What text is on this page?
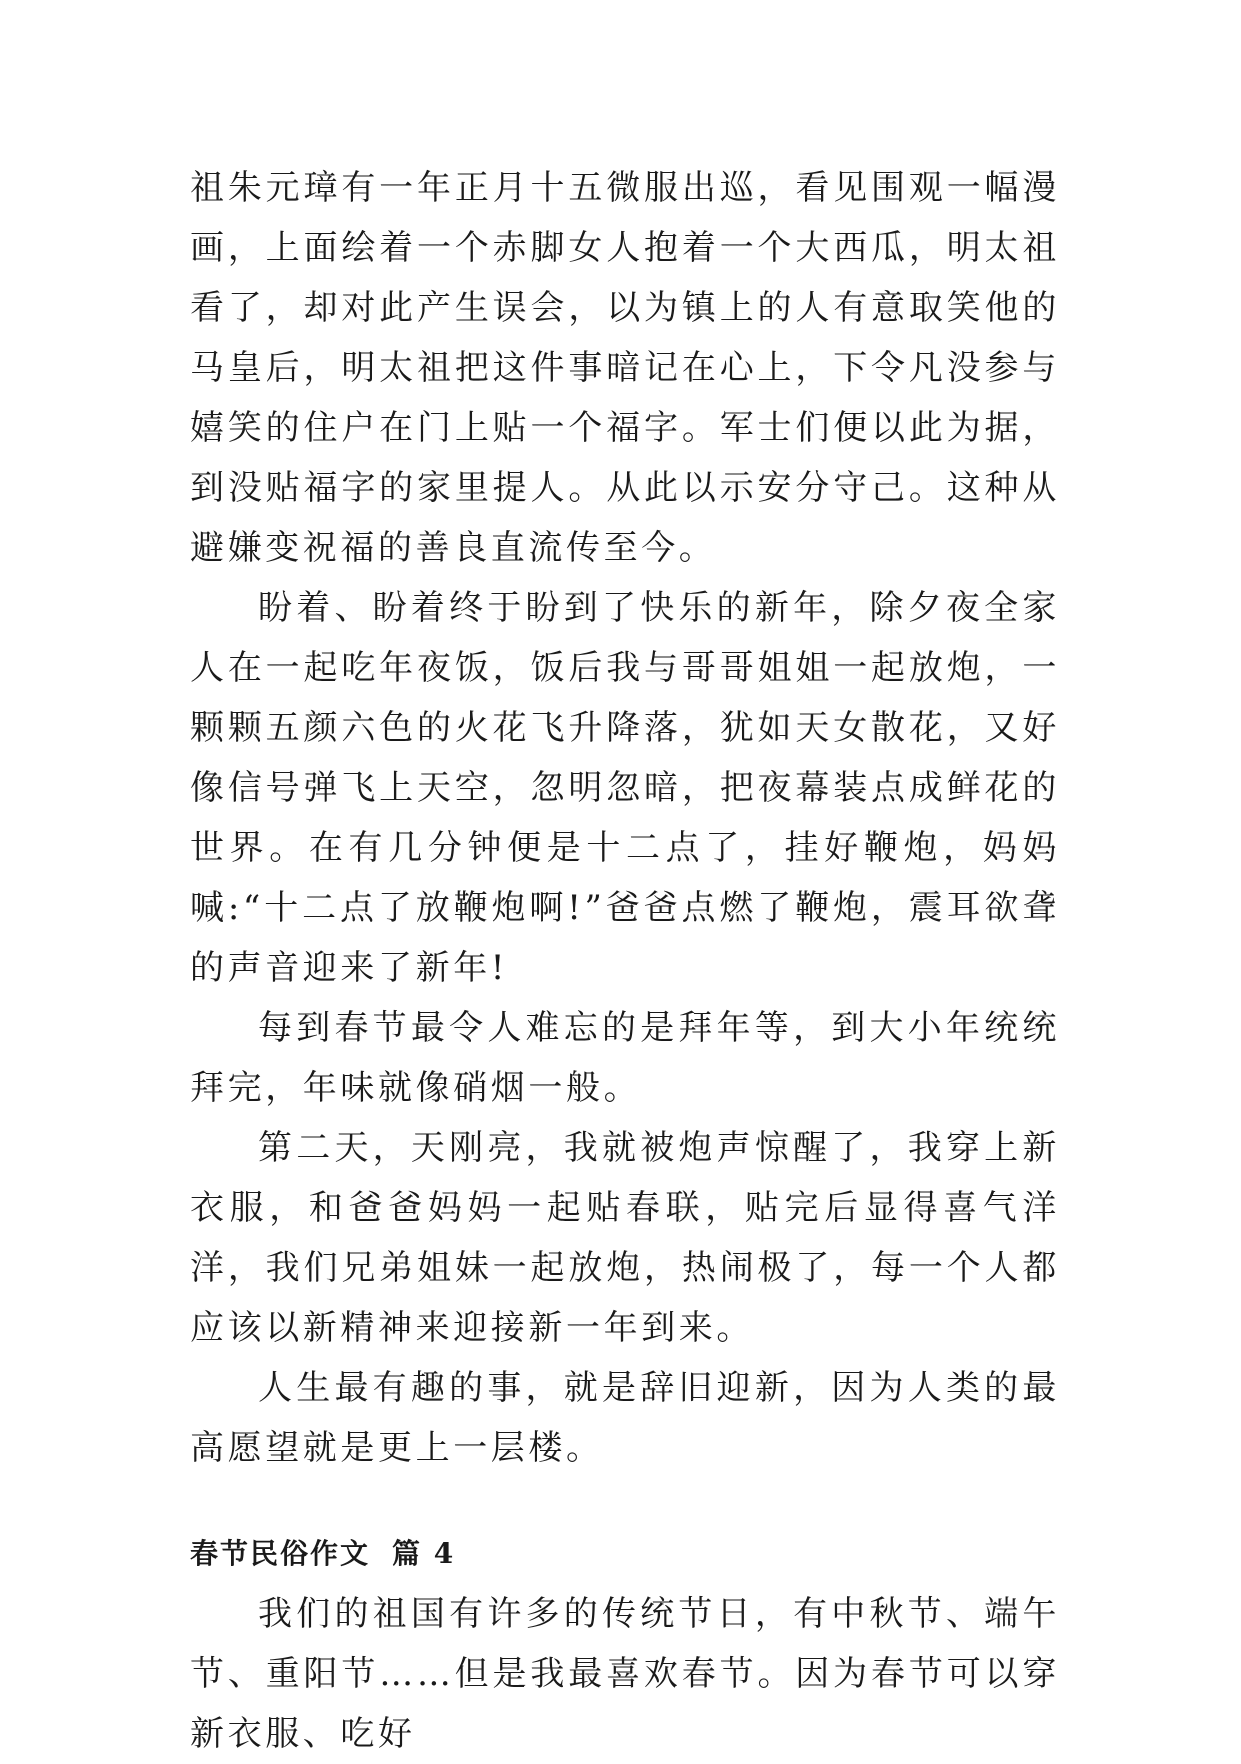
祖朱元璋有一年正月十五微服出巡，看见围观一幅漫画，上面绘着一个赤脚女人抱着一个大西瓜，明太祖看了，却对此产生误会，以为镇上的人有意取笑他的马皇后，明太祖把这件事暗记在心上，下令凡没参与嬉笑的住户在门上贴一个福字。军士们便以此为据，到没贴福字的家里提人。从此以示安分守己。这种从避嫌变祝福的善良直流传至今。

盼着、盼着终于盼到了快乐的新年，除夕夜全家人在一起吃年夜饭，饭后我与哥哥姐姐一起放炮，一颗颗五颜六色的火花飞升降落，犹如天女散花，又好像信号弹飞上天空，忽明忽暗，把夜幕装点成鲜花的世界。在有几分钟便是十二点了，挂好鞭炮，妈妈喊:“十二点了放鞭炮啊!”爸爸点燃了鞭炮，震耳欲聋的声音迎来了新年!

每到春节最令人难忘的是拜年等，到大小年统统拜完，年味就像硝烟一般。

第二天，天刚亮，我就被炮声惊醒了，我穿上新衣服，和爸爸妈妈一起贴春联，贴完后显得喜气洋洋，我们兄弟姐妹一起放炮，热闹极了，每一个人都应该以新精神来迎接新一年到来。

人生最有趣的事，就是辞旧迎新，因为人类的最高愿望就是更上一层楼。

春节民俗作文 篇 4

我们的祖国有许多的传统节日，有中秋节、端午节、重阳节……但是我最喜欢春节。因为春节可以穿新衣服、吃好
